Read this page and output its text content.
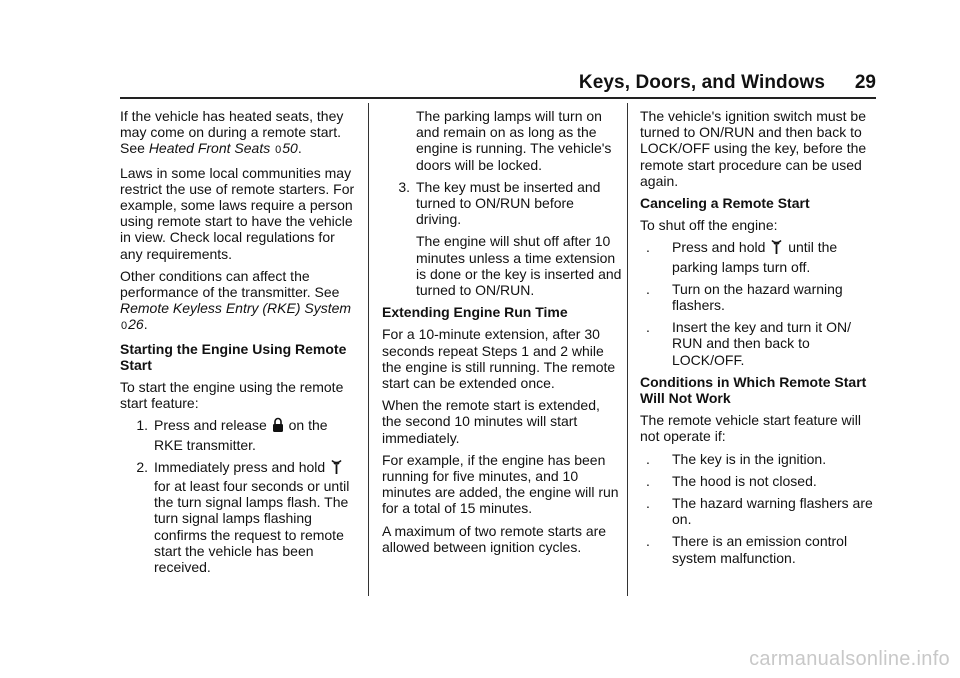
Keys, Doors, and Windows	29

If the vehicle has heated seats, they may come on during a remote start. See Heated Front Seats 050.

Laws in some local communities may restrict the use of remote starters. For example, some laws require a person using remote start to have the vehicle in view. Check local regulations for any requirements.

Other conditions can affect the performance of the transmitter. See Remote Keyless Entry (RKE) System 026.

Starting the Engine Using Remote Start

To start the engine using the remote start feature:

1. Press and release on the RKE transmitter.
2. Immediately press and hold  for at least four seconds or until the turn signal lamps flash. The turn signal lamps flashing confirms the request to remote start the vehicle has been received.

The parking lamps will turn on and remain on as long as the engine is running. The vehicle's doors will be locked.

3. The key must be inserted and turned to ON/RUN before driving.

The engine will shut off after 10 minutes unless a time extension is done or the key is inserted and turned to ON/RUN.

Extending Engine Run Time

For a 10-minute extension, after 30 seconds repeat Steps 1 and 2 while the engine is still running. The remote start can be extended once.

When the remote start is extended, the second 10 minutes will start immediately.

For example, if the engine has been running for five minutes, and 10 minutes are added, the engine will run for a total of 15 minutes.

A maximum of two remote starts are allowed between ignition cycles.

The vehicle's ignition switch must be turned to ON/RUN and then back to LOCK/OFF using the key, before the remote start procedure can be used again.

Canceling a Remote Start

To shut off the engine:

.	Press and hold until the parking lamps turn off.
.	Turn on the hazard warning flashers.
.	Insert the key and turn it ON/ RUN and then back to LOCK/OFF.

Conditions in Which Remote Start Will Not Work

The remote vehicle start feature will not operate if:

.	The key is in the ignition.
.	The hood is not closed.
.	The hazard warning flashers are on.
.	There is an emission control system malfunction.
carmanualsonline.info
